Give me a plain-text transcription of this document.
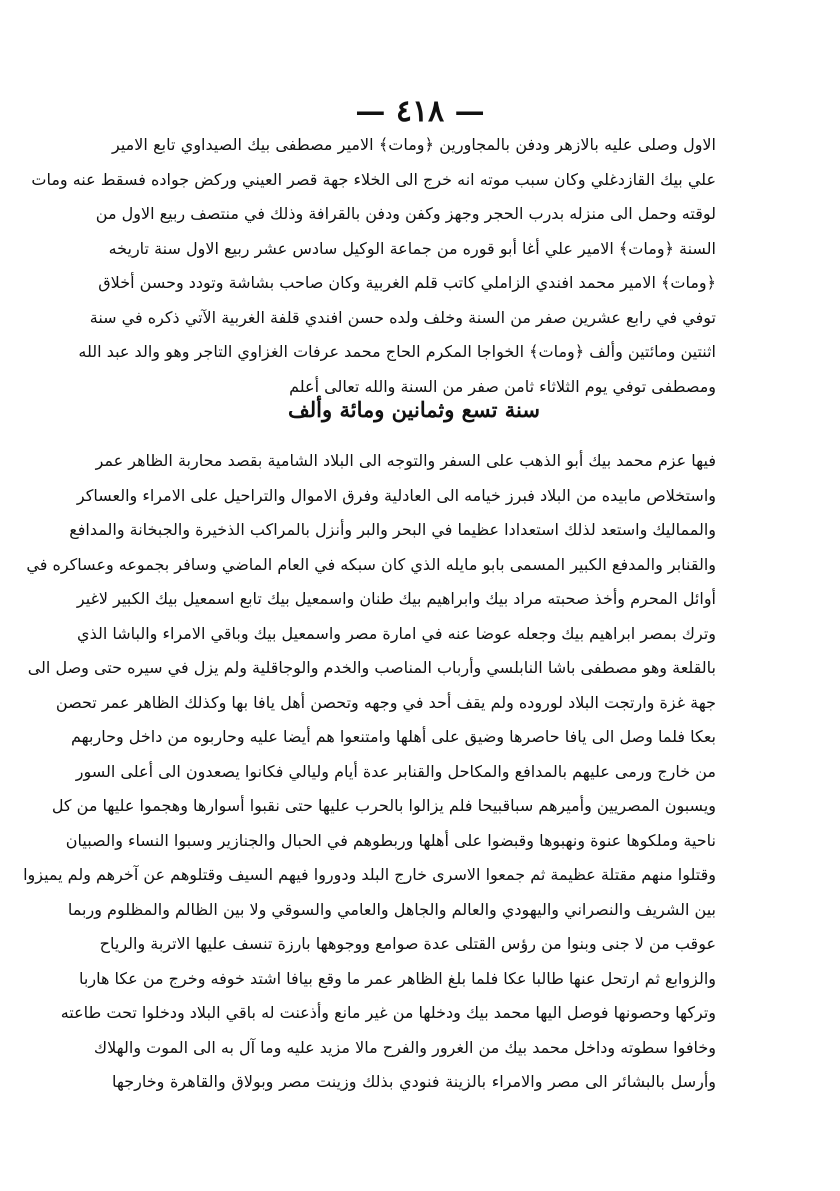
— ٤١٨ —
الاول وصلى عليه بالازهر ودفن بالمجاورين ﴿ومات﴾ الامير مصطفى بيك الصيداوي تابع الامير
علي بيك القازدغلي وكان سبب موته انه خرج الى الخلاء جهة قصر العيني وركض جواده فسقط عنه ومات
لوقته وحمل الى منزله بدرب الحجر وجهز وكفن ودفن بالقرافة وذلك في منتصف ربيع الاول من
السنة ﴿ومات﴾ الامير علي أغا أبو قوره من جماعة الوكيل سادس عشر ربيع الاول سنة تاريخه
﴿ومات﴾ الامير محمد افندي الزاملي كاتب قلم الغربية وكان صاحب بشاشة وتودد وحسن أخلاق
توفي في رابع عشرين صفر من السنة وخلف ولده حسن افندي قلفة الغربية الآتي ذكره في سنة
اثنتين ومائتين وألف ﴿ومات﴾ الخواجا المكرم الحاج محمد عرفات الغزاوي التاجر وهو والد عبد الله
ومصطفى توفي يوم الثلاثاء ثامن صفر من السنة والله تعالى أعلم
سنة تسع وثمانين ومائة وألف
فيها عزم محمد بيك أبو الذهب على السفر والتوجه الى البلاد الشامية بقصد محاربة الظاهر عمر
واستخلاص مابيده من البلاد فبرز خيامه الى العادلية وفرق الاموال والتراحيل على الامراء والعساكر
والمماليك واستعد لذلك استعدادا عظيما في البحر والبر وأنزل بالمراكب الذخيرة والجبخانة والمدافع
والقنابر والمدفع الكبير المسمى بابو مايله الذي كان سبكه في العام الماضي وسافر بجموعه وعساكره في
أوائل المحرم وأخذ صحبته مراد بيك وابراهيم بيك طنان واسمعيل بيك تابع اسمعيل بيك الكبير لاغير
وترك بمصر ابراهيم بيك وجعله عوضا عنه في امارة مصر واسمعيل بيك وباقي الامراء والباشا الذي
بالقلعة وهو مصطفى باشا النابلسي وأرباب المناصب والخدم والوجاقلية ولم يزل في سيره حتى وصل الى
جهة غزة وارتجت البلاد لوروده ولم يقف أحد في وجهه وتحصن أهل يافا بها وكذلك الظاهر عمر تحصن
بعكا فلما وصل الى يافا حاصرها وضيق على أهلها وامتنعوا هم أيضا عليه وحاربوه من داخل وحاربهم
من خارج ورمى عليهم بالمدافع والمكاحل والقنابر عدة أيام وليالي فكانوا يصعدون الى أعلى السور
ويسبون المصريين وأميرهم سباقبيحا فلم يزالوا بالحرب عليها حتى نقبوا أسوارها وهجموا عليها من كل
ناحية وملكوها عنوة ونهبوها وقبضوا على أهلها وربطوهم في الحبال والجنازير وسبوا النساء والصبيان
وقتلوا منهم مقتلة عظيمة ثم جمعوا الاسرى خارج البلد ودوروا فيهم السيف وقتلوهم عن آخرهم ولم يميزوا
بين الشريف والنصراني واليهودي والعالم والجاهل والعامي والسوقي ولا بين الظالم والمظلوم وربما
عوقب من لا جنى وبنوا من رؤس القتلى عدة صوامع ووجوهها بارزة تنسف عليها الاتربة والرياح
والزوابع ثم ارتحل عنها طالبا عكا فلما بلغ الظاهر عمر ما وقع بيافا اشتد خوفه وخرج من عكا هاربا
وتركها وحصونها فوصل اليها محمد بيك ودخلها من غير مانع وأذعنت له باقي البلاد ودخلوا تحت طاعته
وخافوا سطوته وداخل محمد بيك من الغرور والفرح مالا مزيد عليه وما آل به الى الموت والهلاك
وأرسل بالبشائر الى مصر والامراء بالزينة فنودي بذلك وزينت مصر وبولاق والقاهرة وخارجها
